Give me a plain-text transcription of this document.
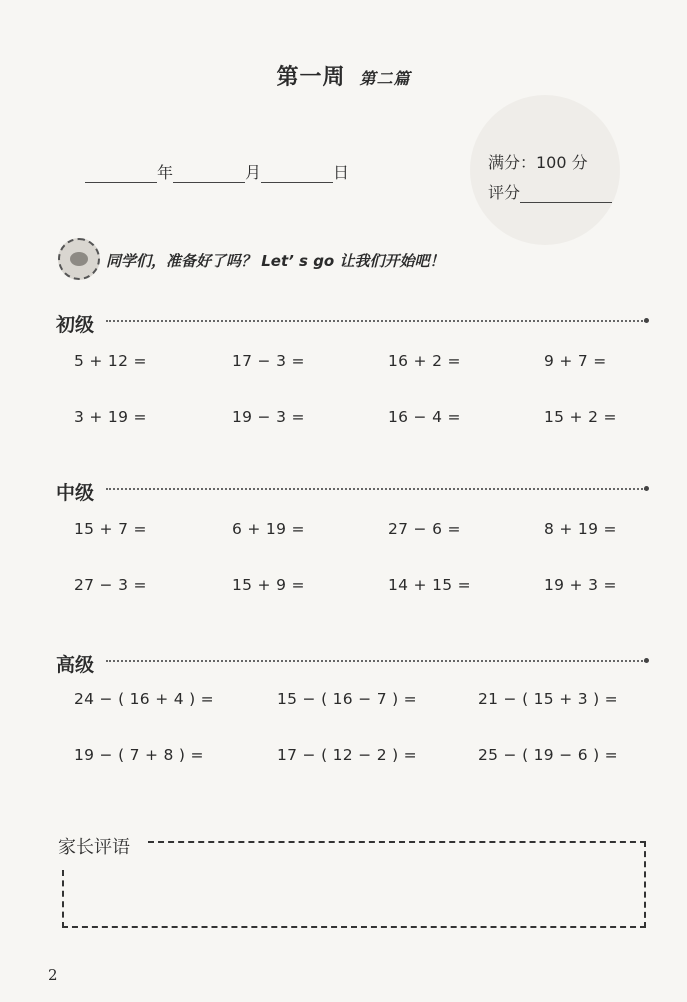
第一周 第二篇
年	月	日
满分：100 分
评分
同学们，准备好了吗？ Let’ s go 让我们开始吧！
初级
5 + 12 =	17 − 3 =	16 + 2 =	9 + 7 =
3 + 19 =	19 − 3 =	16 − 4 =	15 + 2 =
中级
15 + 7 =	6 + 19 =	27 − 6 =	8 + 19 =
27 − 3 =	15 + 9 =	14 + 15 =	19 + 3 =
高级
24 − ( 16 + 4 ) =	15 − ( 16 − 7 ) =	21 − ( 15 + 3 ) =
19 − ( 7 + 8 ) =	17 − ( 12 − 2 ) =	25 − ( 19 − 6 ) =
家长评语
2
